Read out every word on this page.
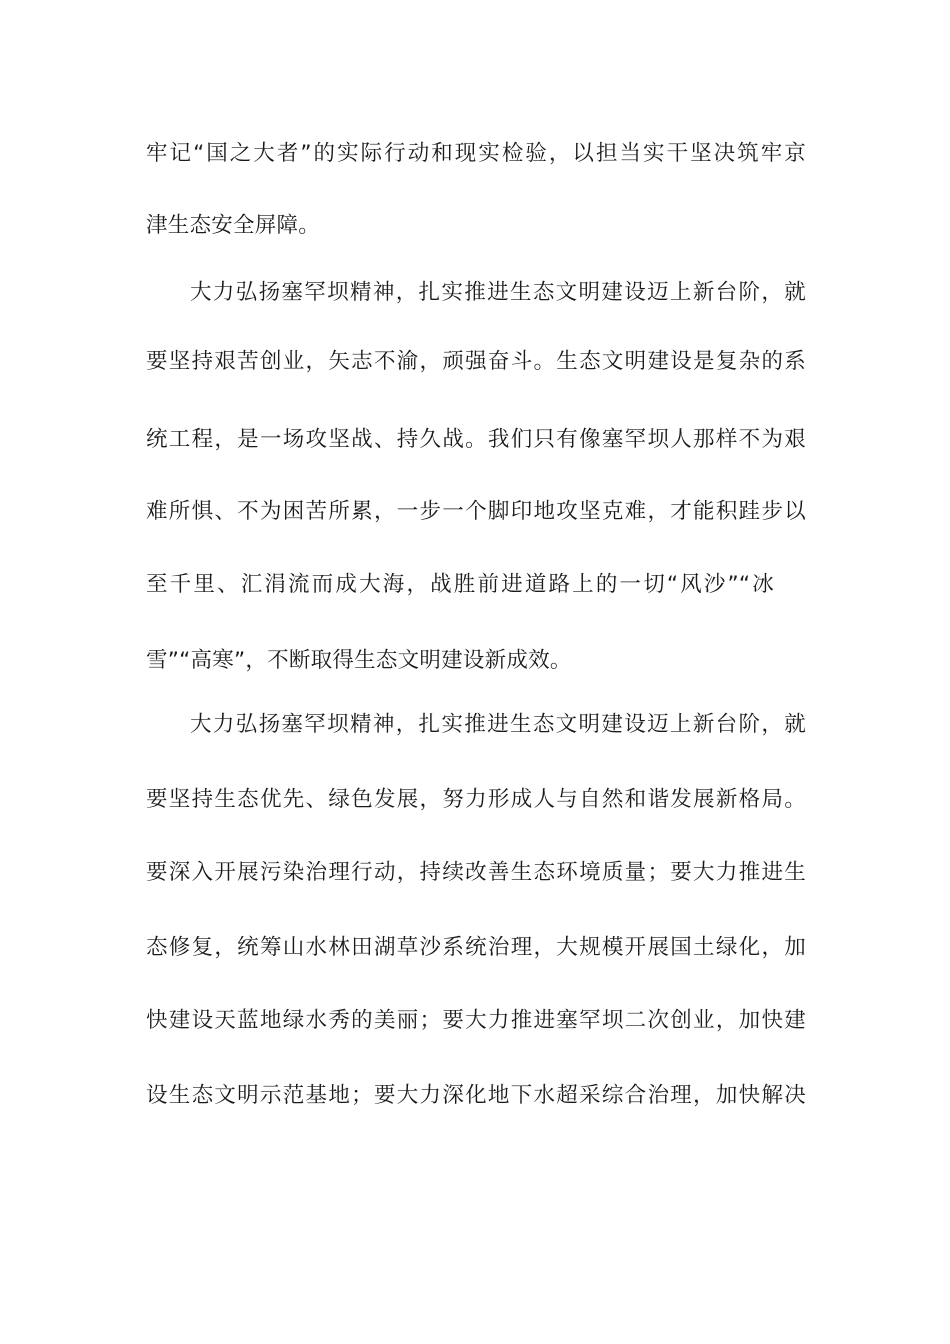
牢记“国之大者”的实际行动和现实检验，以担当实干坚决筑牢京
津生态安全屏障。
大力弘扬塞罕坝精神，扎实推进生态文明建设迈上新台阶，就
要坚持艰苦创业，矢志不渝，顽强奋斗。生态文明建设是复杂的系
统工程，是一场攻坚战、持久战。我们只有像塞罕坝人那样不为艰
难所惧、不为困苦所累，一步一个脚印地攻坚克难，才能积跬步以
至千里、汇涓流而成大海，战胜前进道路上的一切“风沙”“冰
雪”“高寒”，不断取得生态文明建设新成效。
大力弘扬塞罕坝精神，扎实推进生态文明建设迈上新台阶，就
要坚持生态优先、绿色发展，努力形成人与自然和谐发展新格局。
要深入开展污染治理行动，持续改善生态环境质量；要大力推进生
态修复，统筹山水林田湖草沙系统治理，大规模开展国土绿化，加
快建设天蓝地绿水秀的美丽；要大力推进塞罕坝二次创业，加快建
设生态文明示范基地；要大力深化地下水超采综合治理，加快解决
